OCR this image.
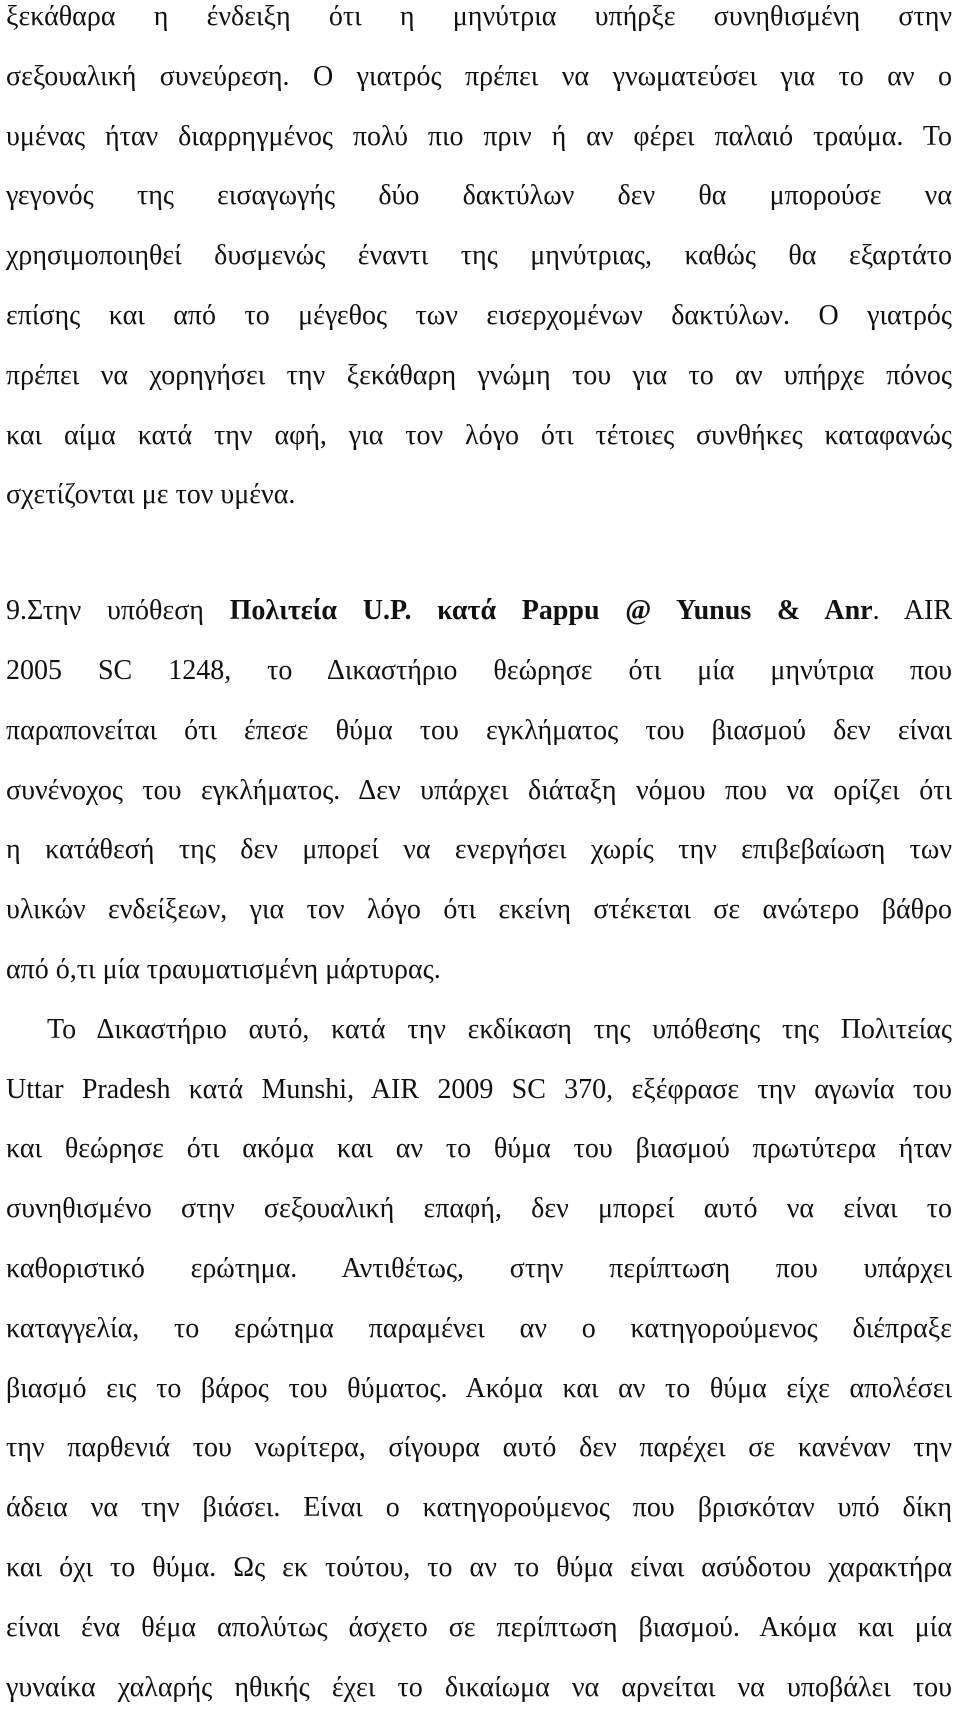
ξεκάθαρα η ένδειξη ότι η μηνύτρια υπήρξε συνηθισμένη στην
σεξουαλική συνεύρεση. Ο γιατρός πρέπει να γνωματεύσει για το αν ο
υμένας ήταν διαρρηγμένος πολύ πιο πριν ή αν φέρει παλαιό τραύμα. Το
γεγονός της εισαγωγής δύο δακτύλων δεν θα μπορούσε να
χρησιμοποιηθεί δυσμενώς έναντι της μηνύτριας, καθώς θα εξαρτάτο
επίσης και από το μέγεθος των εισερχομένων δακτύλων. Ο γιατρός
πρέπει να χορηγήσει την ξεκάθαρη γνώμη του για το αν υπήρχε πόνος
και αίμα κατά την αφή, για τον λόγο ότι τέτοιες συνθήκες καταφανώς
σχετίζονται με τον υμένα.
9.Στην υπόθεση Πολιτεία U.P. κατά Pappu @ Yunus & Anr. AIR
2005 SC 1248, το Δικαστήριο θεώρησε ότι μία μηνύτρια που
παραπονείται ότι έπεσε θύμα του εγκλήματος του βιασμού δεν είναι
συνένοχος του εγκλήματος. Δεν υπάρχει διάταξη νόμου που να ορίζει ότι
η κατάθεσή της δεν μπορεί να ενεργήσει χωρίς την επιβεβαίωση των
υλικών ενδείξεων, για τον λόγο ότι εκείνη στέκεται σε ανώτερο βάθρο
από ό,τι μία τραυματισμένη μάρτυρας.
Το Δικαστήριο αυτό, κατά την εκδίκαση της υπόθεσης της Πολιτείας
Uttar Pradesh κατά Munshi, AIR 2009 SC 370, εξέφρασε την αγωνία του
και θεώρησε ότι ακόμα και αν το θύμα του βιασμού πρωτύτερα ήταν
συνηθισμένο στην σεξουαλική επαφή, δεν μπορεί αυτό να είναι το
καθοριστικό ερώτημα. Αντιθέτως, στην περίπτωση που υπάρχει
καταγγελία, το ερώτημα παραμένει αν ο κατηγορούμενος διέπραξε
βιασμό εις το βάρος του θύματος. Ακόμα και αν το θύμα είχε απολέσει
την παρθενιά του νωρίτερα, σίγουρα αυτό δεν παρέχει σε κανέναν την
άδεια να την βιάσει. Είναι ο κατηγορούμενος που βρισκόταν υπό δίκη
και όχι το θύμα. Ως εκ τούτου, το αν το θύμα είναι ασύδοτου χαρακτήρα
είναι ένα θέμα απολύτως άσχετο σε περίπτωση βιασμού. Ακόμα και μία
γυναίκα χαλαρής ηθικής έχει το δικαίωμα να αρνείται να υποβάλει του
